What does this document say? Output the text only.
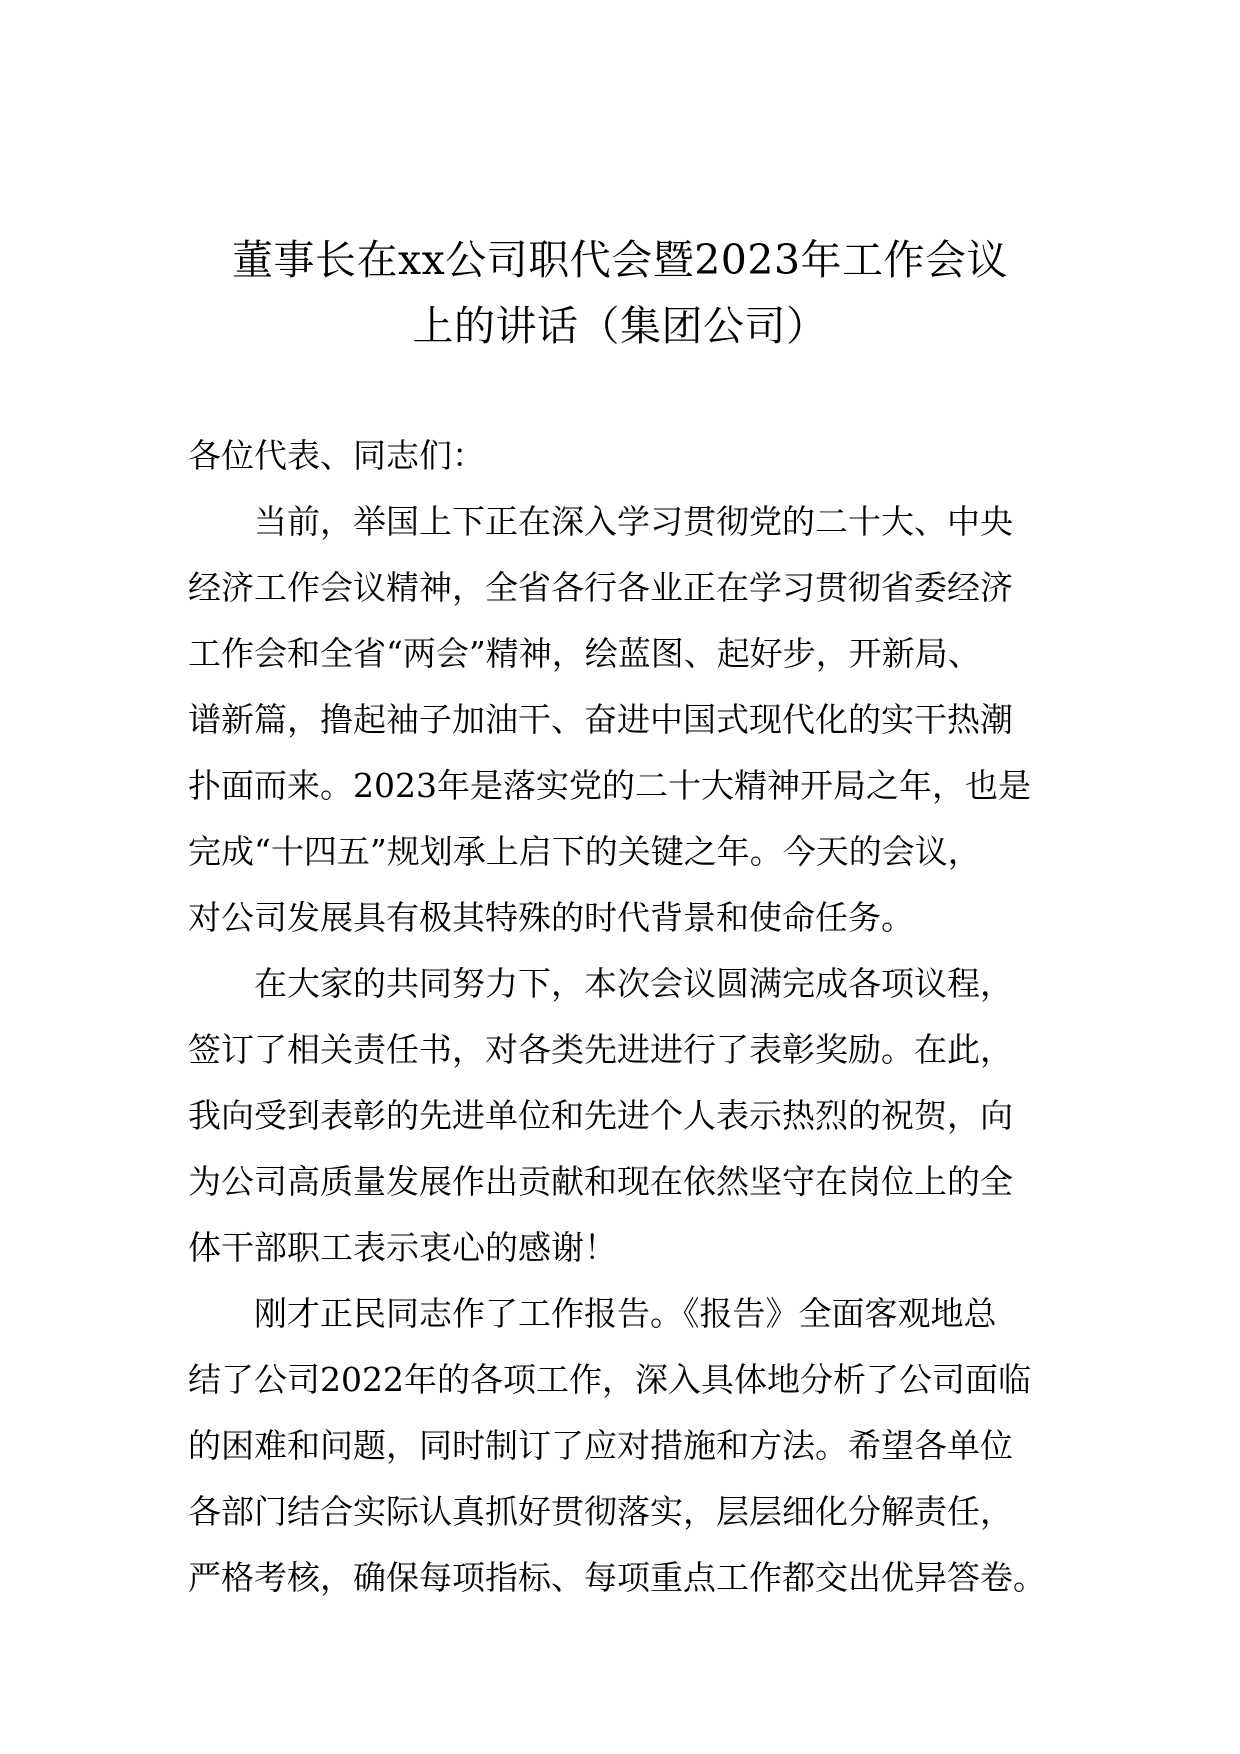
董事长在xx公司职代会暨2023年工作会议
上的讲话（集团公司）
各位代表、同志们：
当前，举国上下正在深入学习贯彻党的二十大、中央
经济工作会议精神，全省各行各业正在学习贯彻省委经济
工作会和全省“两会”精神，绘蓝图、起好步，开新局、
谱新篇，撸起袖子加油干、奋进中国式现代化的实干热潮
扑面而来。2023年是落实党的二十大精神开局之年，也是
完成“十四五”规划承上启下的关键之年。今天的会议，
对公司发展具有极其特殊的时代背景和使命任务。
在大家的共同努力下，本次会议圆满完成各项议程，
签订了相关责任书，对各类先进进行了表彰奖励。在此，
我向受到表彰的先进单位和先进个人表示热烈的祝贺，向
为公司高质量发展作出贡献和现在依然坚守在岗位上的全
体干部职工表示衷心的感谢！
刚才正民同志作了工作报告。《报告》全面客观地总
结了公司2022年的各项工作，深入具体地分析了公司面临
的困难和问题，同时制订了应对措施和方法。希望各单位
各部门结合实际认真抓好贯彻落实，层层细化分解责任，
严格考核，确保每项指标、每项重点工作都交出优异答卷。
